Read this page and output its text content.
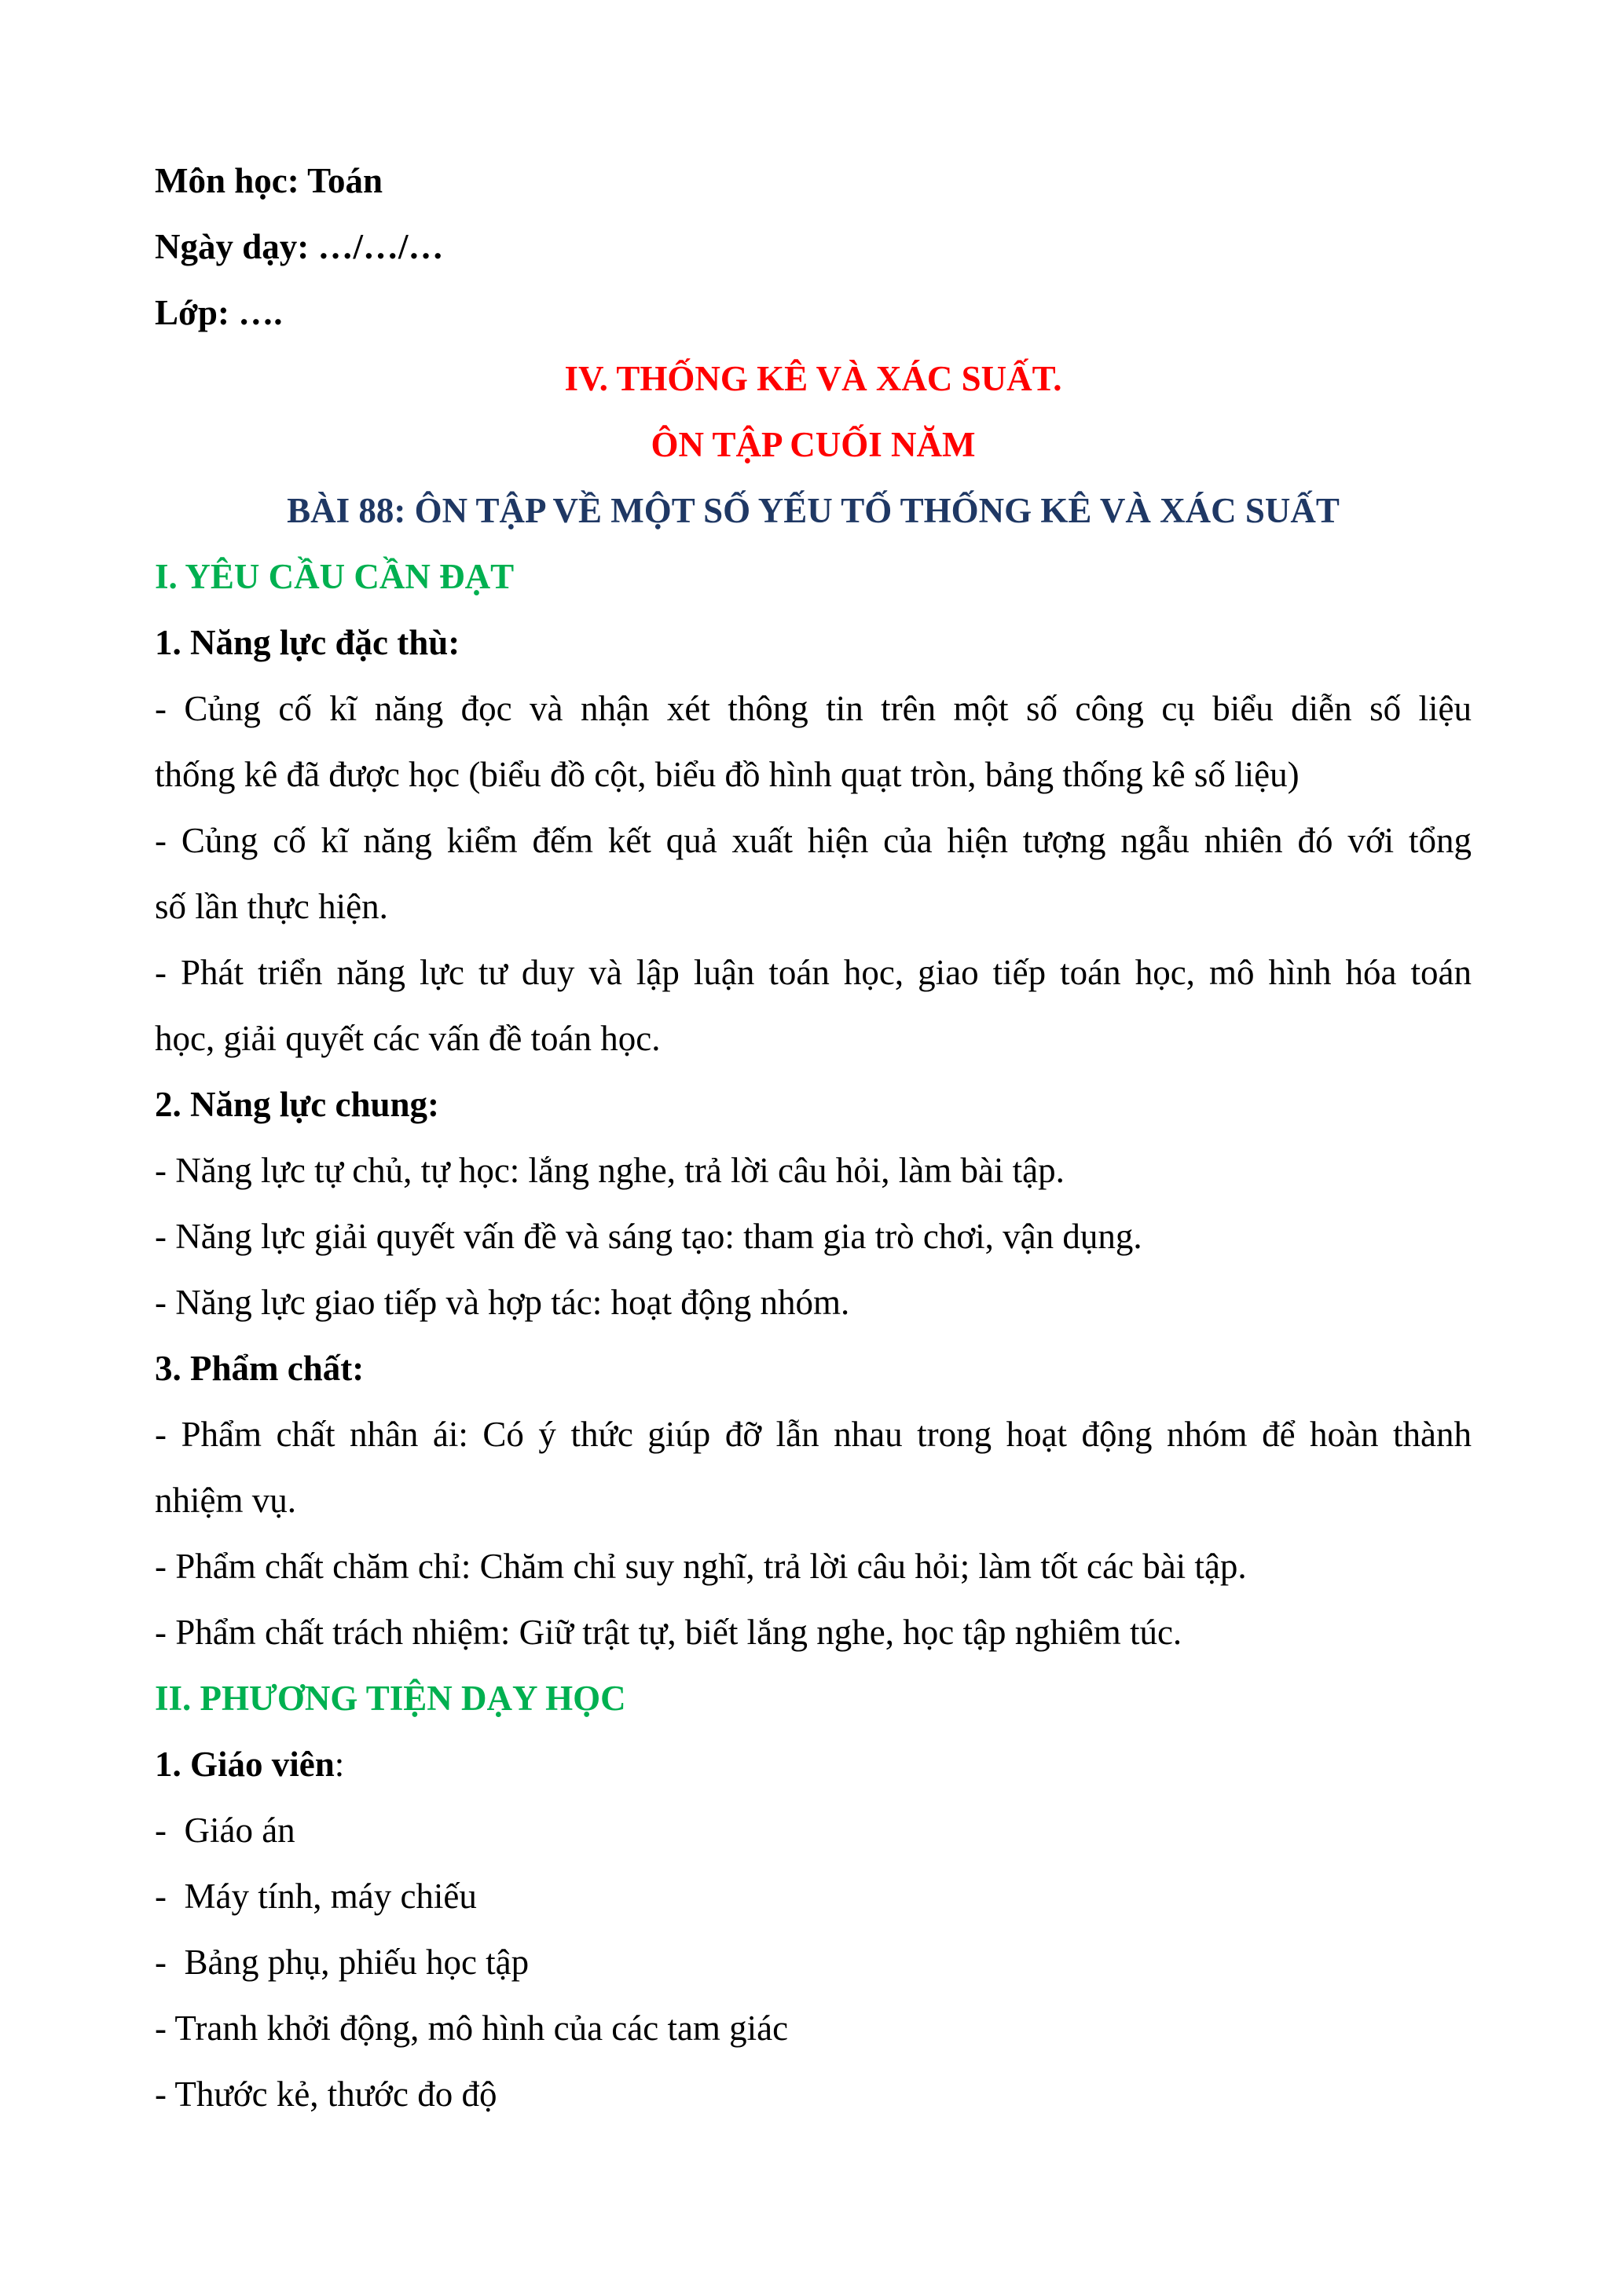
Môn học: Toán
Ngày dạy: …/…/…
Lớp: ….
IV. THỐNG KÊ VÀ XÁC SUẤT.
ÔN TẬP CUỐI NĂM
BÀI 88: ÔN TẬP VỀ MỘT SỐ YẾU TỐ THỐNG KÊ VÀ XÁC SUẤT
I. YÊU CẦU CẦN ĐẠT
1. Năng lực đặc thù:
- Củng cố kĩ năng đọc và nhận xét thông tin trên một số công cụ biểu diễn số liệu
thống kê đã được học (biểu đồ cột, biểu đồ hình quạt tròn, bảng thống kê số liệu)
- Củng cố kĩ năng kiểm đếm kết quả xuất hiện của hiện tượng ngẫu nhiên đó với tổng
số lần thực hiện.
- Phát triển năng lực tư duy và lập luận toán học, giao tiếp toán học, mô hình hóa toán
học, giải quyết các vấn đề toán học.
2. Năng lực chung:
- Năng lực tự chủ, tự học: lắng nghe, trả lời câu hỏi, làm bài tập.
- Năng lực giải quyết vấn đề và sáng tạo: tham gia trò chơi, vận dụng.
- Năng lực giao tiếp và hợp tác: hoạt động nhóm.
3. Phẩm chất:
- Phẩm chất nhân ái: Có ý thức giúp đỡ lẫn nhau trong hoạt động nhóm để hoàn thành
nhiệm vụ.
- Phẩm chất chăm chỉ: Chăm chỉ suy nghĩ, trả lời câu hỏi; làm tốt các bài tập.
- Phẩm chất trách nhiệm: Giữ trật tự, biết lắng nghe, học tập nghiêm túc.
II. PHƯƠNG TIỆN DẠY HỌC
1. Giáo viên:
-  Giáo án
-  Máy tính, máy chiếu
-  Bảng phụ, phiếu học tập
- Tranh khởi động, mô hình của các tam giác
- Thước kẻ, thước đo độ
